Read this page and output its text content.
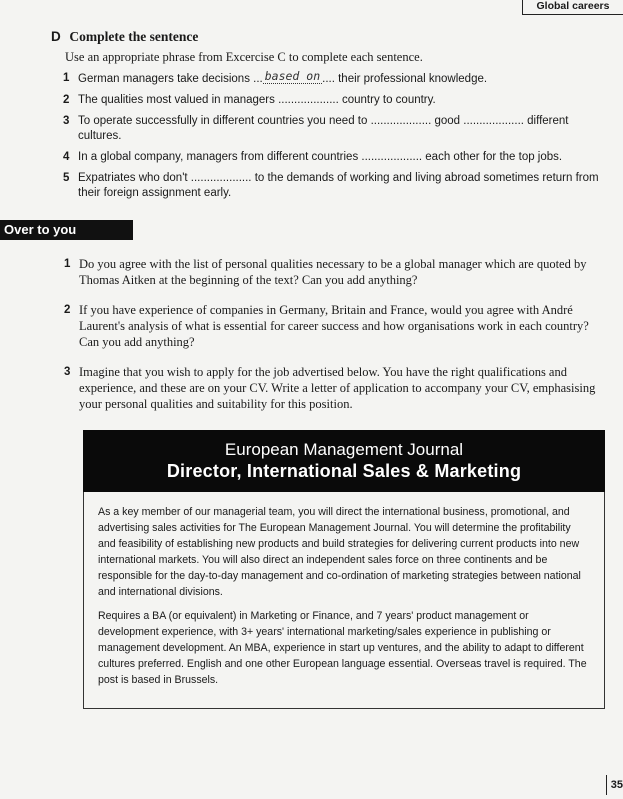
Global careers
D Complete the sentence
Use an appropriate phrase from Excercise C to complete each sentence.
1 German managers take decisions ... based on .... their professional knowledge.
2 The qualities most valued in managers ................... country to country.
3 To operate successfully in different countries you need to ................... good ................... different cultures.
4 In a global company, managers from different countries ................... each other for the top jobs.
5 Expatriates who don't ................... to the demands of working and living abroad sometimes return from their foreign assignment early.
Over to you
1 Do you agree with the list of personal qualities necessary to be a global manager which are quoted by Thomas Aitken at the beginning of the text? Can you add anything?
2 If you have experience of companies in Germany, Britain and France, would you agree with André Laurent's analysis of what is essential for career success and how organisations work in each country? Can you add anything?
3 Imagine that you wish to apply for the job advertised below. You have the right qualifications and experience, and these are on your CV. Write a letter of application to accompany your CV, emphasising your personal qualities and suitability for this position.
European Management Journal
Director, International Sales & Marketing

As a key member of our managerial team, you will direct the international business, promotional, and advertising sales activities for The European Management Journal. You will determine the profitability and feasibility of establishing new products and build strategies for delivering current products into new international markets. You will also direct an independent sales force on three continents and be responsible for the day-to-day management and co-ordination of marketing strategies between national and international divisions.

Requires a BA (or equivalent) in Marketing or Finance, and 7 years' product management or development experience, with 3+ years' international marketing/sales experience in publishing or management development. An MBA, experience in start up ventures, and the ability to adapt to different cultures preferred. English and one other European language essential. Overseas travel is required. The post is based in Brussels.

35
